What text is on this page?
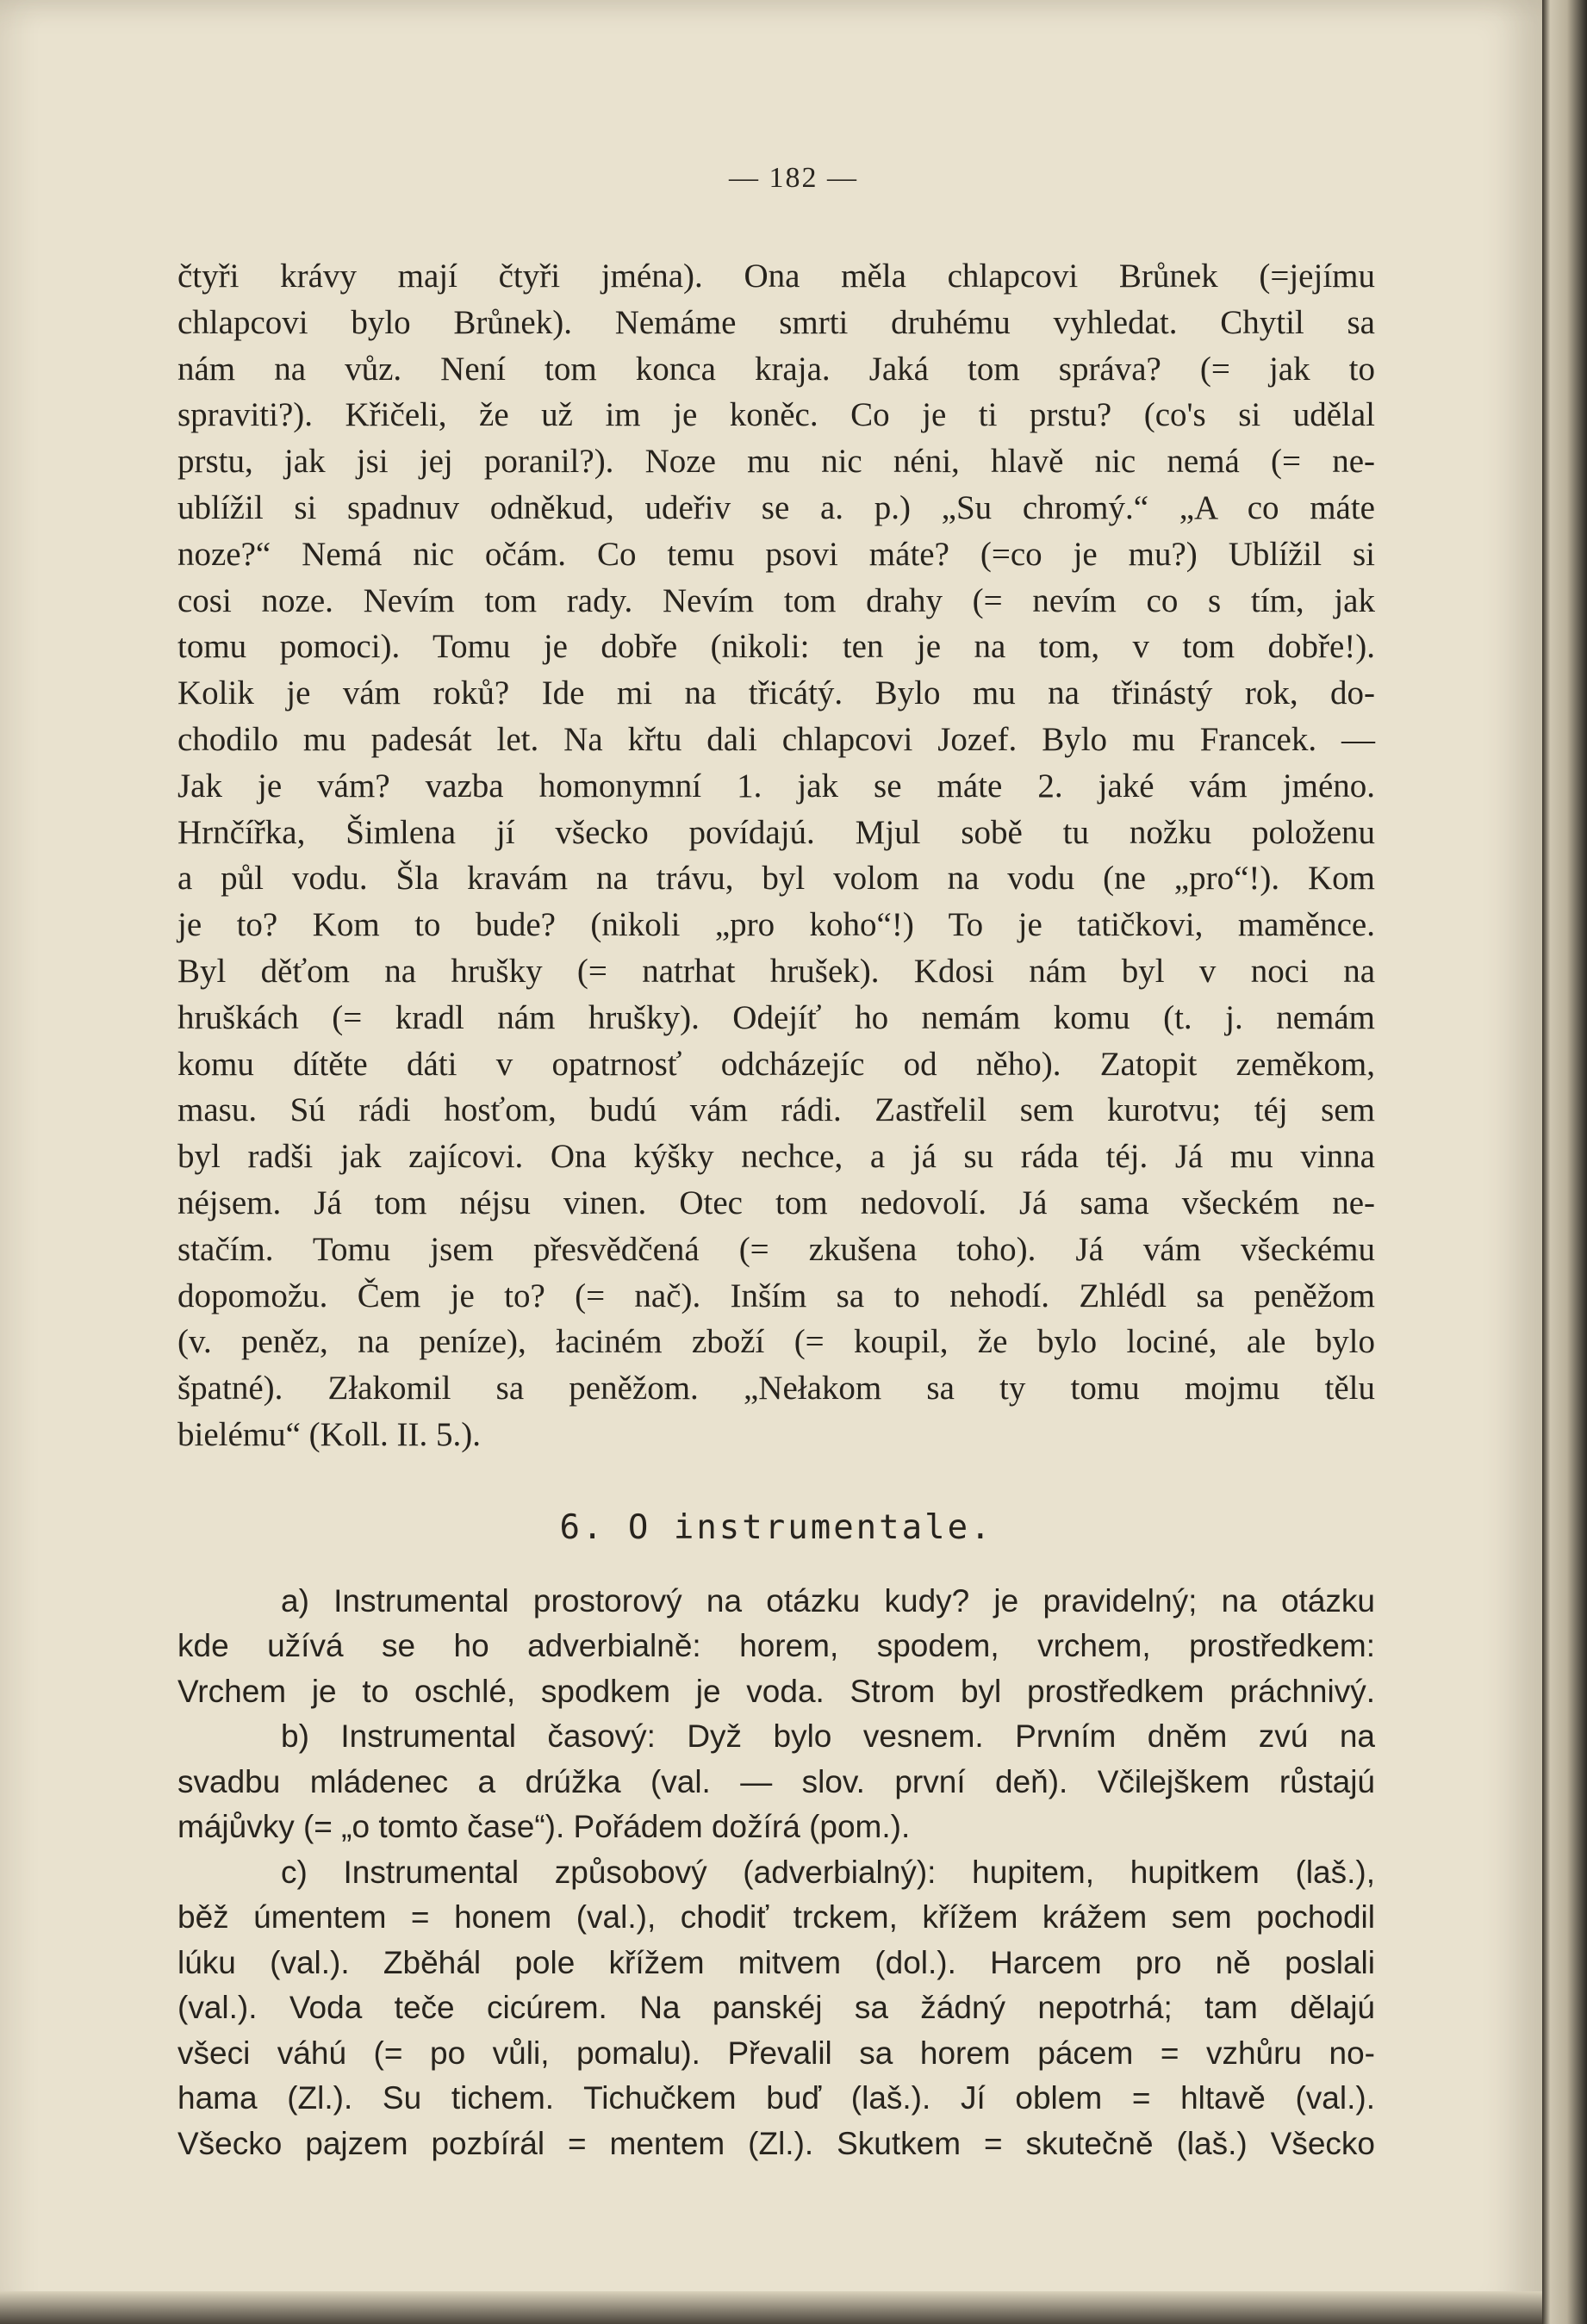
— 182 —
čtyři krávy mají čtyři jména). Ona měla chlapcovi Brůnek (=jejímu
chlapcovi bylo Brůnek). Nemáme smrti druhému vyhledat. Chytil sa
nám na vůz. Není tom konca kraja. Jaká tom správa? (= jak to
spraviti?). Křičeli, že už im je koněc. Co je ti prstu? (co's si udělal
prstu, jak jsi jej poranil?). Noze mu nic néni, hlavě nic nemá (= ne-
ublížil si spadnuv odněkud, udeřiv se a. p.) „Su chromý.“ „A co máte
noze?“ Nemá nic očám. Co temu psovi máte? (=co je mu?) Ublížil si
cosi noze. Nevím tom rady. Nevím tom drahy (= nevím co s tím, jak
tomu pomoci). Tomu je dobře (nikoli: ten je na tom, v tom dobře!).
Kolik je vám roků? Ide mi na třicátý. Bylo mu na třinástý rok, do-
chodilo mu padesát let. Na křtu dali chlapcovi Jozef. Bylo mu Francek. —
Jak je vám? vazba homonymní 1. jak se máte 2. jaké vám jméno.
Hrnčířka, Šimlena jí všecko povídajú. Mjul sobě tu nožku položenu
a půl vodu. Šla kravám na trávu, byl volom na vodu (ne „pro“!). Kom
je to? Kom to bude? (nikoli „pro koho“!) To je tatičkovi, maměnce.
Byl děťom na hrušky (= natrhat hrušek). Kdosi nám byl v noci na
hruškách (= kradl nám hrušky). Odejíť ho nemám komu (t. j. nemám
komu dítěte dáti v opatrnosť odcházejíc od něho). Zatopit zeměkom,
masu. Sú rádi hosťom, budú vám rádi. Zastřelil sem kurotvu; téj sem
byl radši jak zajícovi. Ona kýšky nechce, a já su ráda téj. Já mu vinna
néjsem. Já tom néjsu vinen. Otec tom nedovolí. Já sama všeckém ne-
stačím. Tomu jsem přesvědčená (= zkušena toho). Já vám všeckému
dopomožu. Čem je to? (= nač). Inším sa to nehodí. Zhlédl sa peněžom
(v. peněz, na peníze), łaciném zboží (= koupil, že bylo lociné, ale bylo
špatné). Złakomil sa peněžom. „Nełakom sa ty tomu mojmu tělu
bielému“ (Koll. II. 5.).
6. O instrumentale.
a) Instrumental prostorový na otázku kudy? je pravidelný; na otázku
kde užívá se ho adverbialně: horem, spodem, vrchem, prostředkem:
Vrchem je to oschlé, spodkem je voda. Strom byl prostředkem práchnivý.
b) Instrumental časový: Dyž bylo vesnem. Prvním dněm zvú na
svadbu mládenec a drúžka (val. — slov. první deň). Včilejškem růstajú
májůvky (= „o tomto čase“). Pořádem dožírá (pom.).
c) Instrumental způsobový (adverbialný): hupitem, hupitkem (laš.),
běž úmentem = honem (val.), chodiť trckem, křížem krážem sem pochodil
lúku (val.). Zběhál pole křížem mitvem (dol.). Harcem pro ně poslali
(val.). Voda teče cicúrem. Na panskéj sa žádný nepotrhá; tam dělajú
všeci váhú (= po vůli, pomalu). Převalil sa horem pácem = vzhůru no-
hama (Zl.). Su tichem. Tichučkem buď (laš.). Jí oblem = hltavě (val.).
Všecko pajzem pozbírál = mentem (Zl.). Skutkem = skutečně (laš.) Všecko
